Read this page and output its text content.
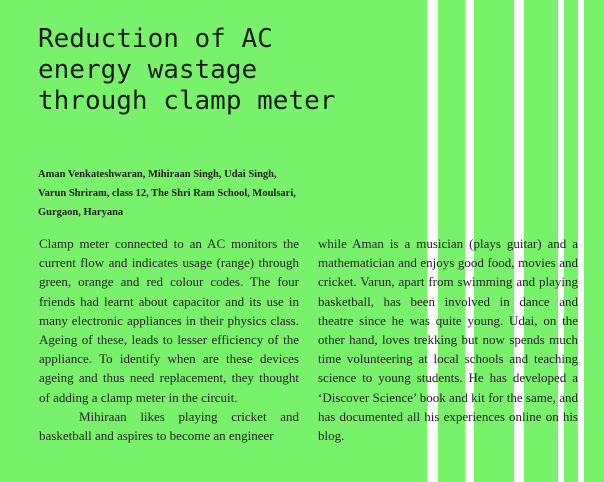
Reduction of AC energy wastage through clamp meter

Aman Venkateshwaran, Mihiraan Singh, Udai Singh, Varun Shriram, class 12, The Shri Ram School, Moulsari, Gurgaon, Haryana

Clamp meter connected to an AC monitors the current flow and indicates usage (range) through green, orange and red colour codes. The four friends had learnt about capacitor and its use in many electronic appliances in their physics class. Ageing of these, leads to lesser efficiency of the appliance. To identify when are these devices ageing and thus need replacement, they thought of adding a clamp meter in the circuit.

Mihiraan likes playing cricket and basketball and aspires to become an engineer

while Aman is a musician (plays guitar) and a mathematician and enjoys good food, movies and cricket. Varun, apart from swimming and playing basketball, has been involved in dance and theatre since he was quite young. Udai, on the other hand, loves trekking but now spends much time volunteering at local schools and teaching science to young students. He has developed a ‘Discover Science’ book and kit for the same, and has documented all his experiences online on his blog.
